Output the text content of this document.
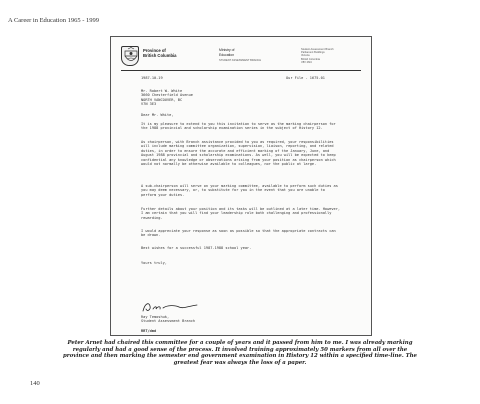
A Career in Education 1965 - 1999
Province of
British Columbia
Ministry of
Education
STUDENT ASSESSMENT BRANCH
Student Assessment Branch
Parliament Buildings
Victoria
British Columbia
V8V 2M4
1987-10-19	Our File - 1675-01
Mr. Robert W. White
3660 Chesterfield Avenue
NORTH VANCOUVER, BC
V7N 3E3
Dear Mr. White,
It is my pleasure to extend to you this invitation to serve as the marking chairperson for the 1988 provincial and scholarship examination series in the subject of History 12.
As chairperson, with Branch assistance provided to you as required, your responsibilities will include marking committee organization, supervision, liaison, reporting, and related duties, in order to ensure the accurate and efficient marking of the January, June, and August 1988 provincial and scholarship examinations. As well, you will be expected to keep confidential any knowledge or observations arising from your position as chairperson which would not normally be otherwise available to colleagues, nor the public at large.
A sub-chairperson will serve on your marking committee, available to perform such duties as you may deem necessary, or, to substitute for you in the event that you are unable to perform your duties.
Further details about your position and its tasks will be outlined at a later time. However, I am certain that you will find your leadership role both challenging and professionally rewarding.
I would appreciate your response as soon as possible so that the appropriate contracts can be drawn.
Best wishes for a successful 1987-1988 school year.
Yours truly,
Ray Temoshuk,
Student Assessment Branch
RRT/dmd
Peter Arnet had chaired this committee for a couple of years and it passed from him to me. I was already marking regularly and had a good sense of the process. It involved training approximately 50 markers from all over the province and then marking the semester end government examination in History 12 within a specified time-line. The greatest fear was always the loss of a paper.
140
